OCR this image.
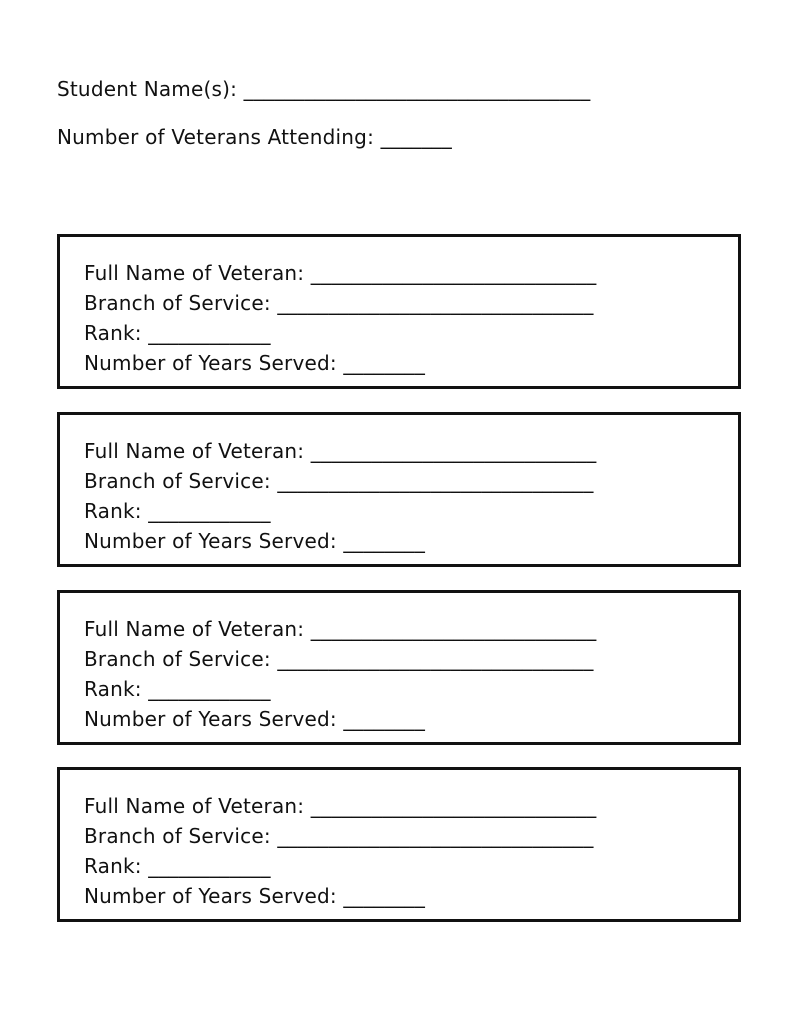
Student Name(s): __________________________________
Number of Veterans Attending: _______
Full Name of Veteran: ____________________________
Branch of Service: _______________________________
Rank: ____________
Number of Years Served: ________
Full Name of Veteran: ____________________________
Branch of Service: _______________________________
Rank: ____________
Number of Years Served: ________
Full Name of Veteran: ____________________________
Branch of Service: _______________________________
Rank: ____________
Number of Years Served: ________
Full Name of Veteran: ____________________________
Branch of Service: _______________________________
Rank: ____________
Number of Years Served: ________
